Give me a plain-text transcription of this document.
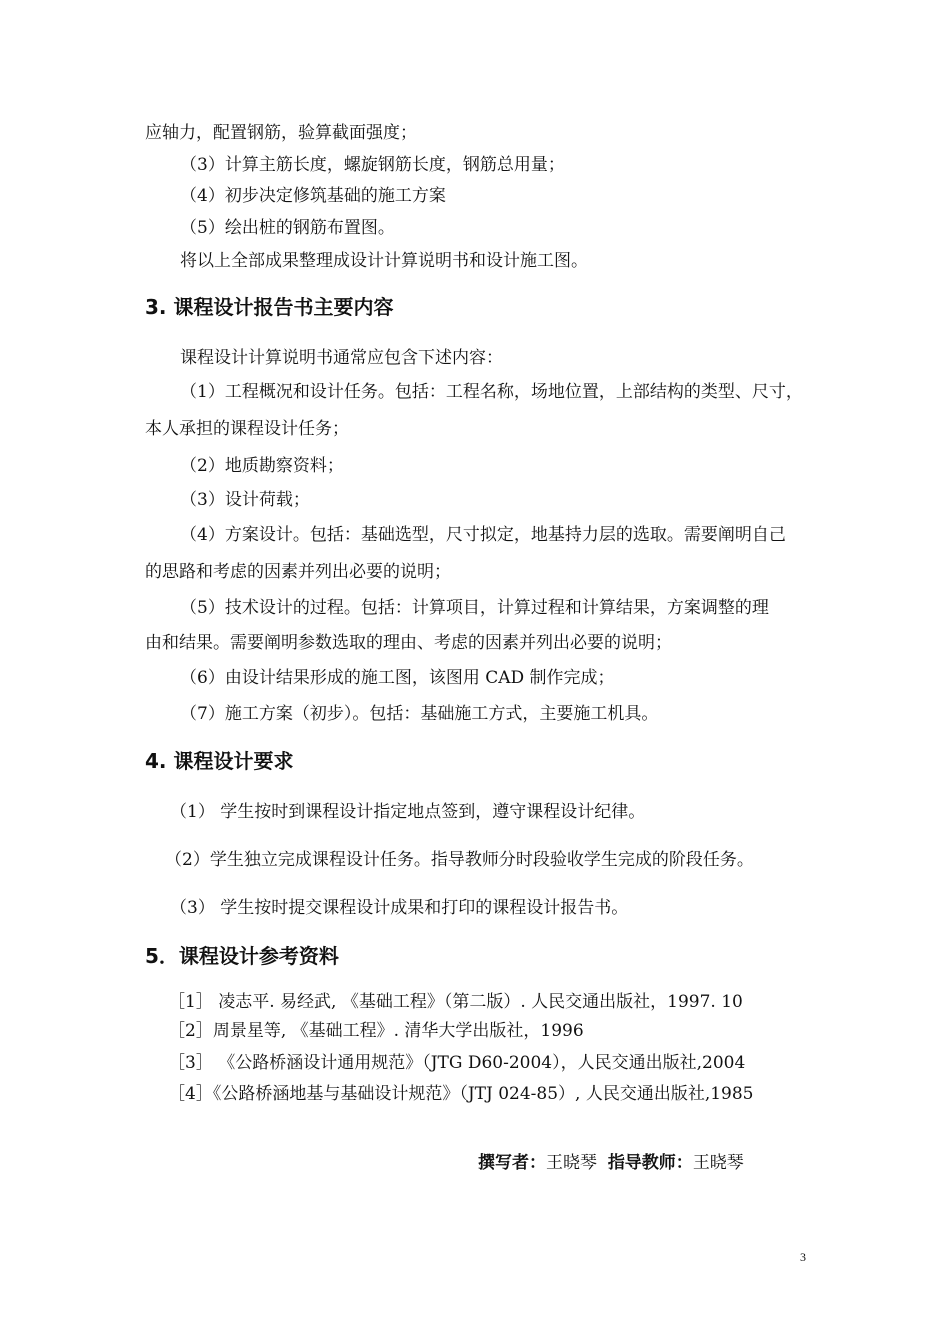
应轴力，配置钢筋，验算截面强度；
（3）计算主筋长度，螺旋钢筋长度，钢筋总用量；
（4）初步决定修筑基础的施工方案
（5）绘出桩的钢筋布置图。
将以上全部成果整理成设计计算说明书和设计施工图。
3. 课程设计报告书主要内容
课程设计计算说明书通常应包含下述内容：
（1）工程概况和设计任务。包括：工程名称，场地位置，上部结构的类型、尺寸，
本人承担的课程设计任务；
（2）地质勘察资料；
（3）设计荷载；
（4）方案设计。包括：基础选型，尺寸拟定，地基持力层的选取。需要阐明自己
的思路和考虑的因素并列出必要的说明；
（5）技术设计的过程。包括：计算项目，计算过程和计算结果，方案调整的理
由和结果。需要阐明参数选取的理由、考虑的因素并列出必要的说明；
（6）由设计结果形成的施工图，该图用 CAD 制作完成；
（7）施工方案（初步）。包括：基础施工方式，主要施工机具。
4. 课程设计要求
（1） 学生按时到课程设计指定地点签到，遵守课程设计纪律。
（2）学生独立完成课程设计任务。指导教师分时段验收学生完成的阶段任务。
（3） 学生按时提交课程设计成果和打印的课程设计报告书。
5．课程设计参考资料
［1］ 凌志平. 易经武, 《基础工程》（第二版）. 人民交通出版社，1997. 10
［2］周景星等, 《基础工程》. 清华大学出版社，1996
［3］ 《公路桥涵设计通用规范》（JTG D60-2004），人民交通出版社,2004
［4］《公路桥涵地基与基础设计规范》（JTJ 024-85）, 人民交通出版社,1985
撰写者：王晓琴 指导教师：王晓琴
3
